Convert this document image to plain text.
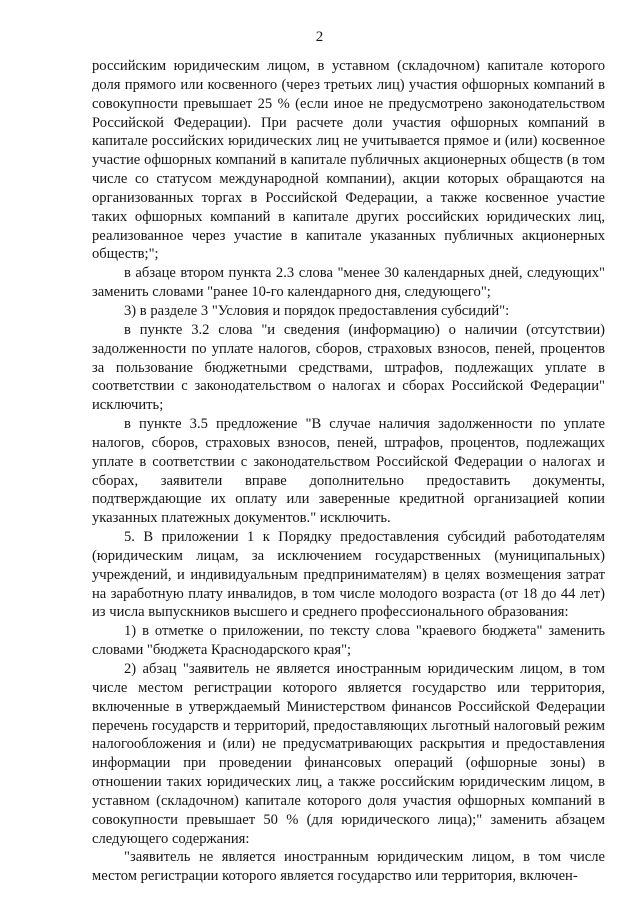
2

российским юридическим лицом, в уставном (складочном) капитале которого доля прямого или косвенного (через третьих лиц) участия офшорных компаний в совокупности превышает 25 % (если иное не предусмотрено законодательством Российской Федерации). При расчете доли участия офшорных компаний в капитале российских юридических лиц не учитывается прямое и (или) косвенное участие офшорных компаний в капитале публичных акционерных обществ (в том числе со статусом международной компании), акции которых обращаются на организованных торгах в Российской Федерации, а также косвенное участие таких офшорных компаний в капитале других российских юридических лиц, реализованное через участие в капитале указанных публичных акционерных обществ;";

в абзаце втором пункта 2.3 слова "менее 30 календарных дней, следующих" заменить словами "ранее 10-го календарного дня, следующего";

3) в разделе 3 "Условия и порядок предоставления субсидий":

в пункте 3.2 слова "и сведения (информацию) о наличии (отсутствии) задолженности по уплате налогов, сборов, страховых взносов, пеней, процентов за пользование бюджетными средствами, штрафов, подлежащих уплате в соответствии с законодательством о налогах и сборах Российской Федерации" исключить;

в пункте 3.5 предложение "В случае наличия задолженности по уплате налогов, сборов, страховых взносов, пеней, штрафов, процентов, подлежащих уплате в соответствии с законодательством Российской Федерации о налогах и сборах, заявители вправе дополнительно предоставить документы, подтверждающие их оплату или заверенные кредитной организацией копии указанных платежных документов." исключить.

5. В приложении 1 к Порядку предоставления субсидий работодателям (юридическим лицам, за исключением государственных (муниципальных) учреждений, и индивидуальным предпринимателям) в целях возмещения затрат на заработную плату инвалидов, в том числе молодого возраста (от 18 до 44 лет) из числа выпускников высшего и среднего профессионального образования:

1) в отметке о приложении, по тексту слова "краевого бюджета" заменить словами "бюджета Краснодарского края";

2) абзац "заявитель не является иностранным юридическим лицом, в том числе местом регистрации которого является государство или территория, включенные в утверждаемый Министерством финансов Российской Федерации перечень государств и территорий, предоставляющих льготный налоговый режим налогообложения и (или) не предусматривающих раскрытия и предоставления информации при проведении финансовых операций (офшорные зоны) в отношении таких юридических лиц, а также российским юридическим лицом, в уставном (складочном) капитале которого доля участия офшорных компаний в совокупности превышает 50 % (для юридического лица);" заменить абзацем следующего содержания:

"заявитель не является иностранным юридическим лицом, в том числе местом регистрации которого является государство или территория, включен-
